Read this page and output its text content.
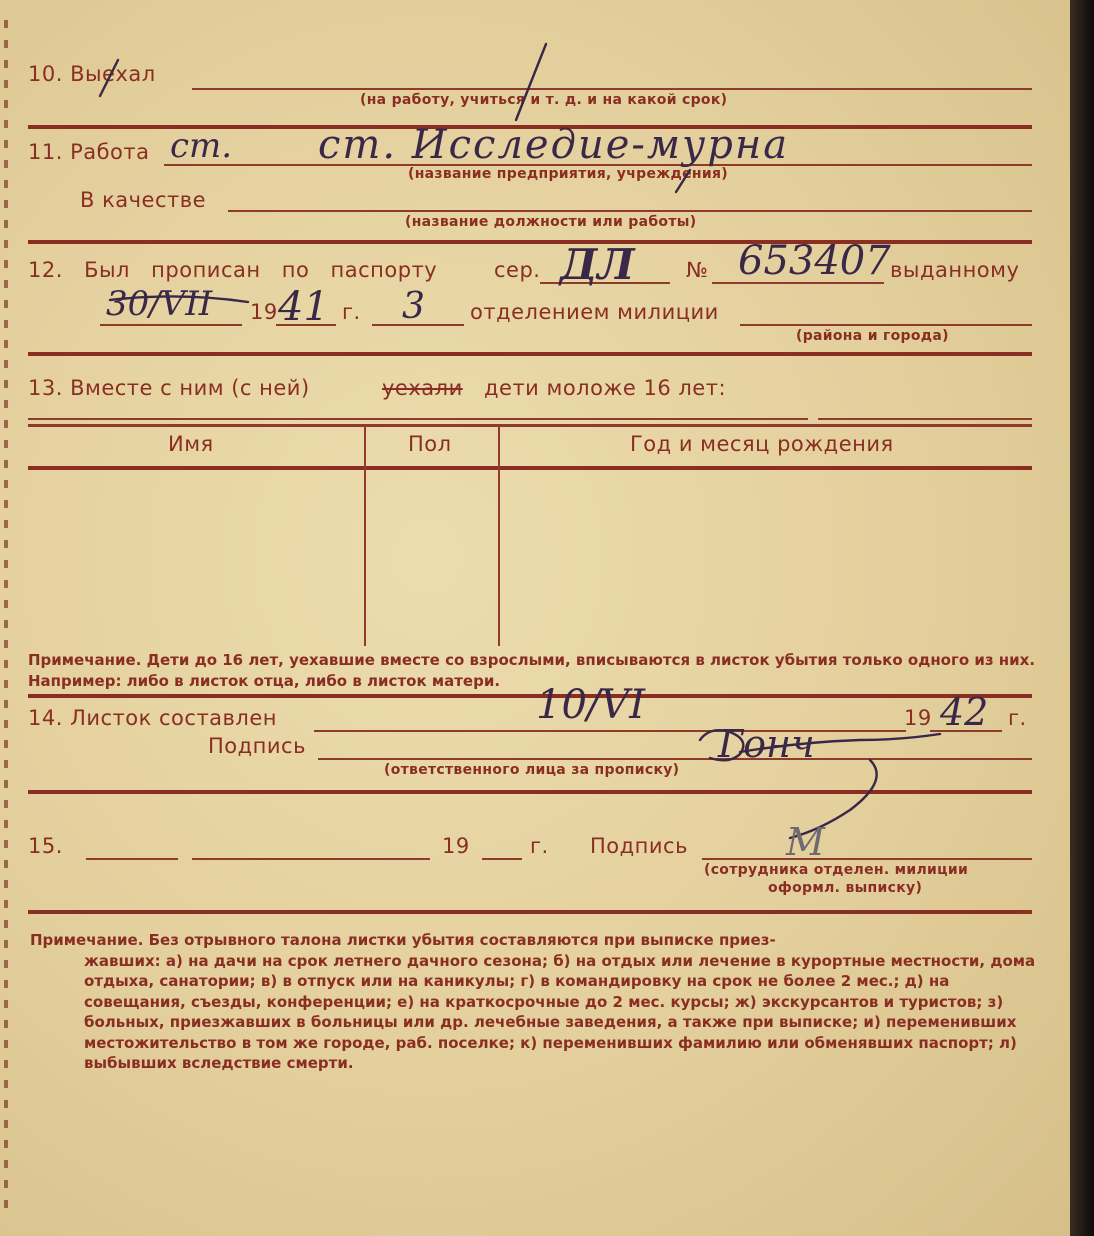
10. Выехал
(на работу, учиться и т. д. и на какой срок)
11. Работа
(название предприятия, учреждения)
В качестве
(название должности или работы)
12. Был прописан по паспорту	сер.	№	выданному
19	г.	отделением милиции
(района и города)
13. Вместе с ним (с ней)	уехали дети моложе 16 лет:
Имя	Пол	Год и месяц рождения
Примечание. Дети до 16 лет, уехавшие вместе со взрослыми, вписываются в листок убытия только одного из них. Например: либо в листок отца, либо в листок матери.
14. Листок составлен	19	г.
Подпись
(ответственного лица за прописку)
15.	19	г. Подпись
(сотрудника отделен. милиции
оформл. выписку)
Примечание. Без отрывного талона листки убытия составляются при выписке приез-
жавших: а) на дачи на срок летнего дачного сезона; б) на отдых или лечение в курортные местности, дома отдыха, санатории; в) в отпуск или на каникулы; г) в командировку на срок не более 2 мес.; д) на совещания, съезды, конференции; е) на краткосрочные до 2 мес. курсы; ж) экскурсантов и туристов; з) больных, приезжавших в больницы или др. лечебные заведения, а также при выписке; и) переменивших местожительство в том же городе, раб. поселке; к) переменивших фамилию или обменявших паспорт; л) выбывших вследствие смерти.
ст. ст. Исследие-мурна
ДЛ	653407
30/VII 41 3
10/VI	42
Гонч
М
